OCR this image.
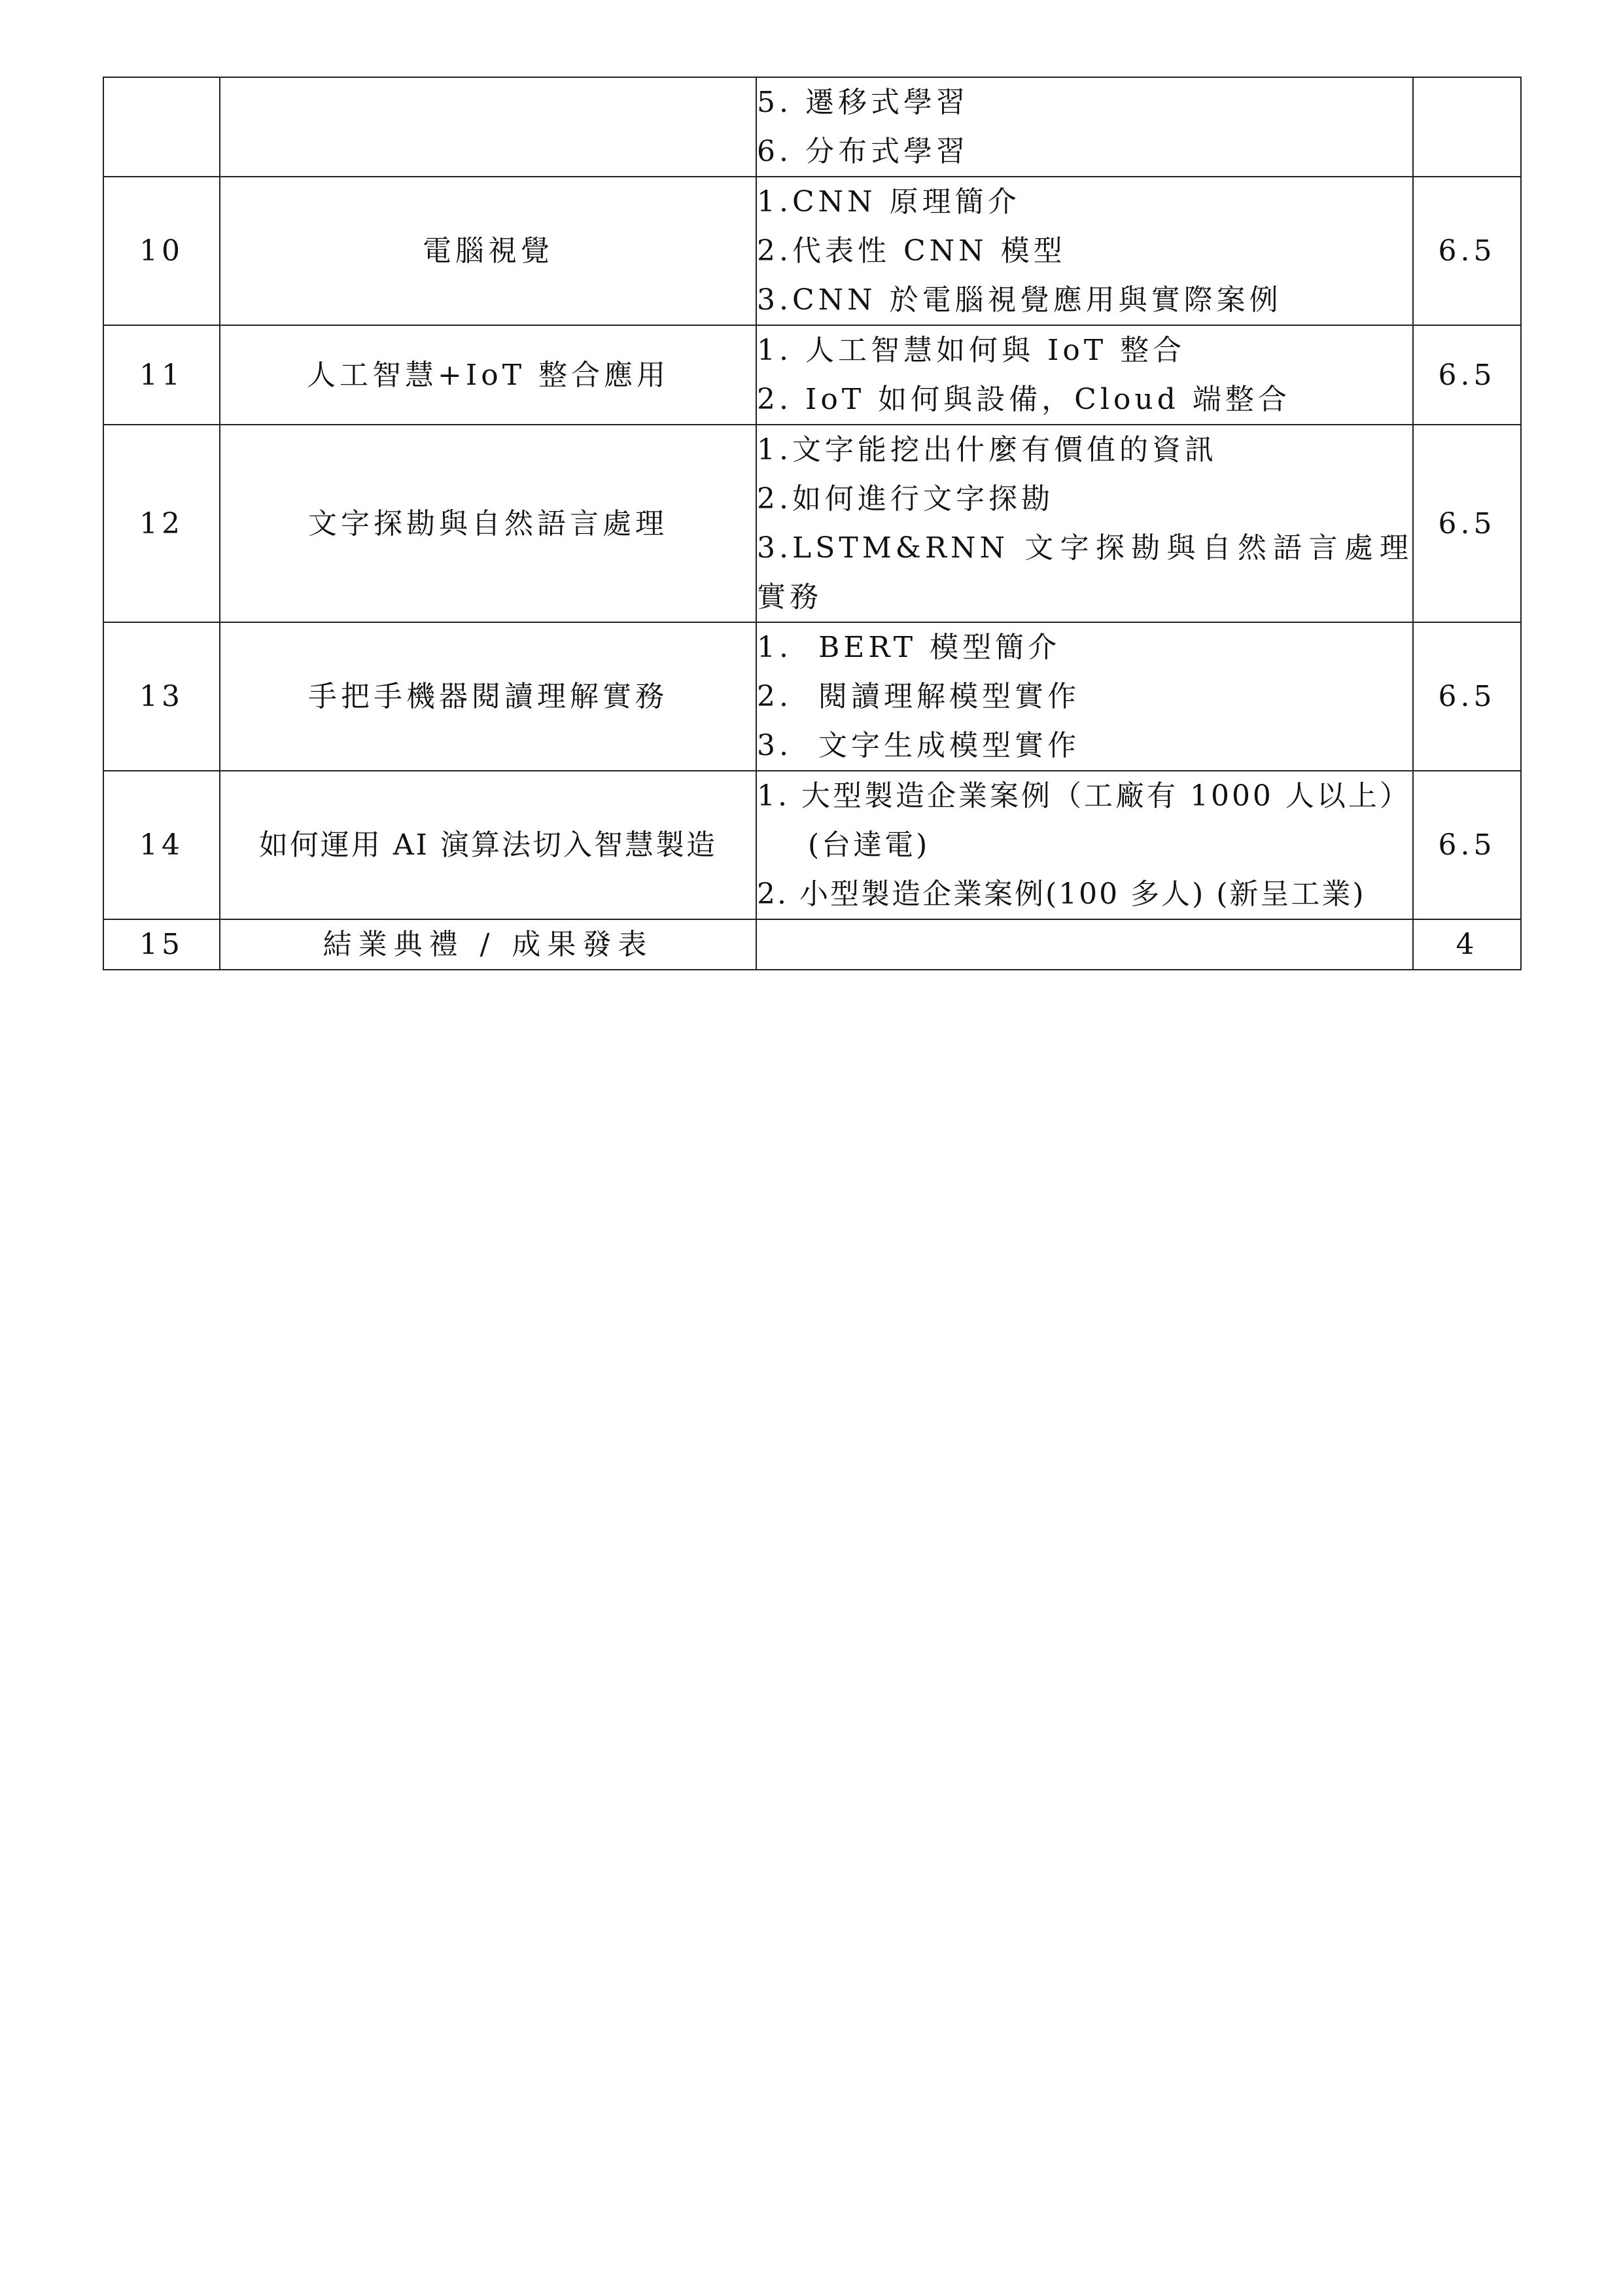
		5. 遷移式學習
6. 分布式學習	

10	電腦視覺	1.CNN 原理簡介
2.代表性 CNN 模型
3.CNN 於電腦視覺應用與實際案例	6.5
11	人工智慧+IoT 整合應用	1. 人工智慧如何與 IoT 整合
2. IoT 如何與設備，Cloud 端整合	6.5
12	文字探勘與自然語言處理	1.文字能挖出什麼有價值的資訊
2.如何進行文字探勘
3.LSTM&RNN 文字探勘與自然語言處理
實務	6.5
13	手把手機器閱讀理解實務	1.  BERT 模型簡介
2.  閱讀理解模型實作
3.  文字生成模型實作	6.5
14	如何運用 AI 演算法切入智慧製造	1. 大型製造企業案例（工廠有 1000 人以上）(台達電)
2. 小型製造企業案例(100 多人) (新呈工業)	6.5
15	結業典禮 / 成果發表		4
